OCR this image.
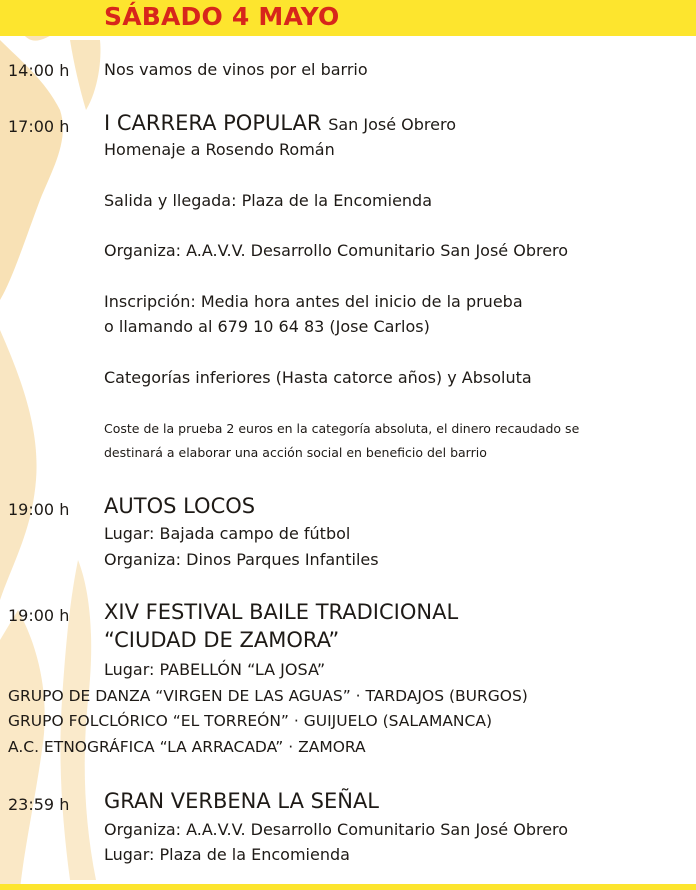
SÁBADO 4 MAYO
14:00 h Nos vamos de vinos por el barrio
17:00 h I CARRERA POPULAR San José Obrero
Homenaje a Rosendo Román
Salida y llegada: Plaza de la Encomienda
Organiza: A.A.V.V. Desarrollo Comunitario San José Obrero
Inscripción: Media hora antes del inicio de la prueba
o llamando al 679 10 64 83 (Jose Carlos)
Categorías inferiores (Hasta catorce años) y Absoluta
Coste de la prueba 2 euros en la categoría absoluta, el dinero recaudado se
destinará a elaborar una acción social en beneficio del barrio
19:00 h AUTOS LOCOS
Lugar: Bajada campo de fútbol
Organiza: Dinos Parques Infantiles
19:00 h XIV FESTIVAL BAILE TRADICIONAL
“CIUDAD DE ZAMORA”
Lugar: PABELLÓN “LA JOSA”
GRUPO DE DANZA “VIRGEN DE LAS AGUAS” · TARDAJOS (BURGOS)
GRUPO FOLCLÓRICO “EL TORREÓN” · GUIJUELO (SALAMANCA)
A.C. ETNOGRÁFICA “LA ARRACADA” · ZAMORA
23:59 h GRAN VERBENA LA SEÑAL
Organiza: A.A.V.V. Desarrollo Comunitario San José Obrero
Lugar: Plaza de la Encomienda
